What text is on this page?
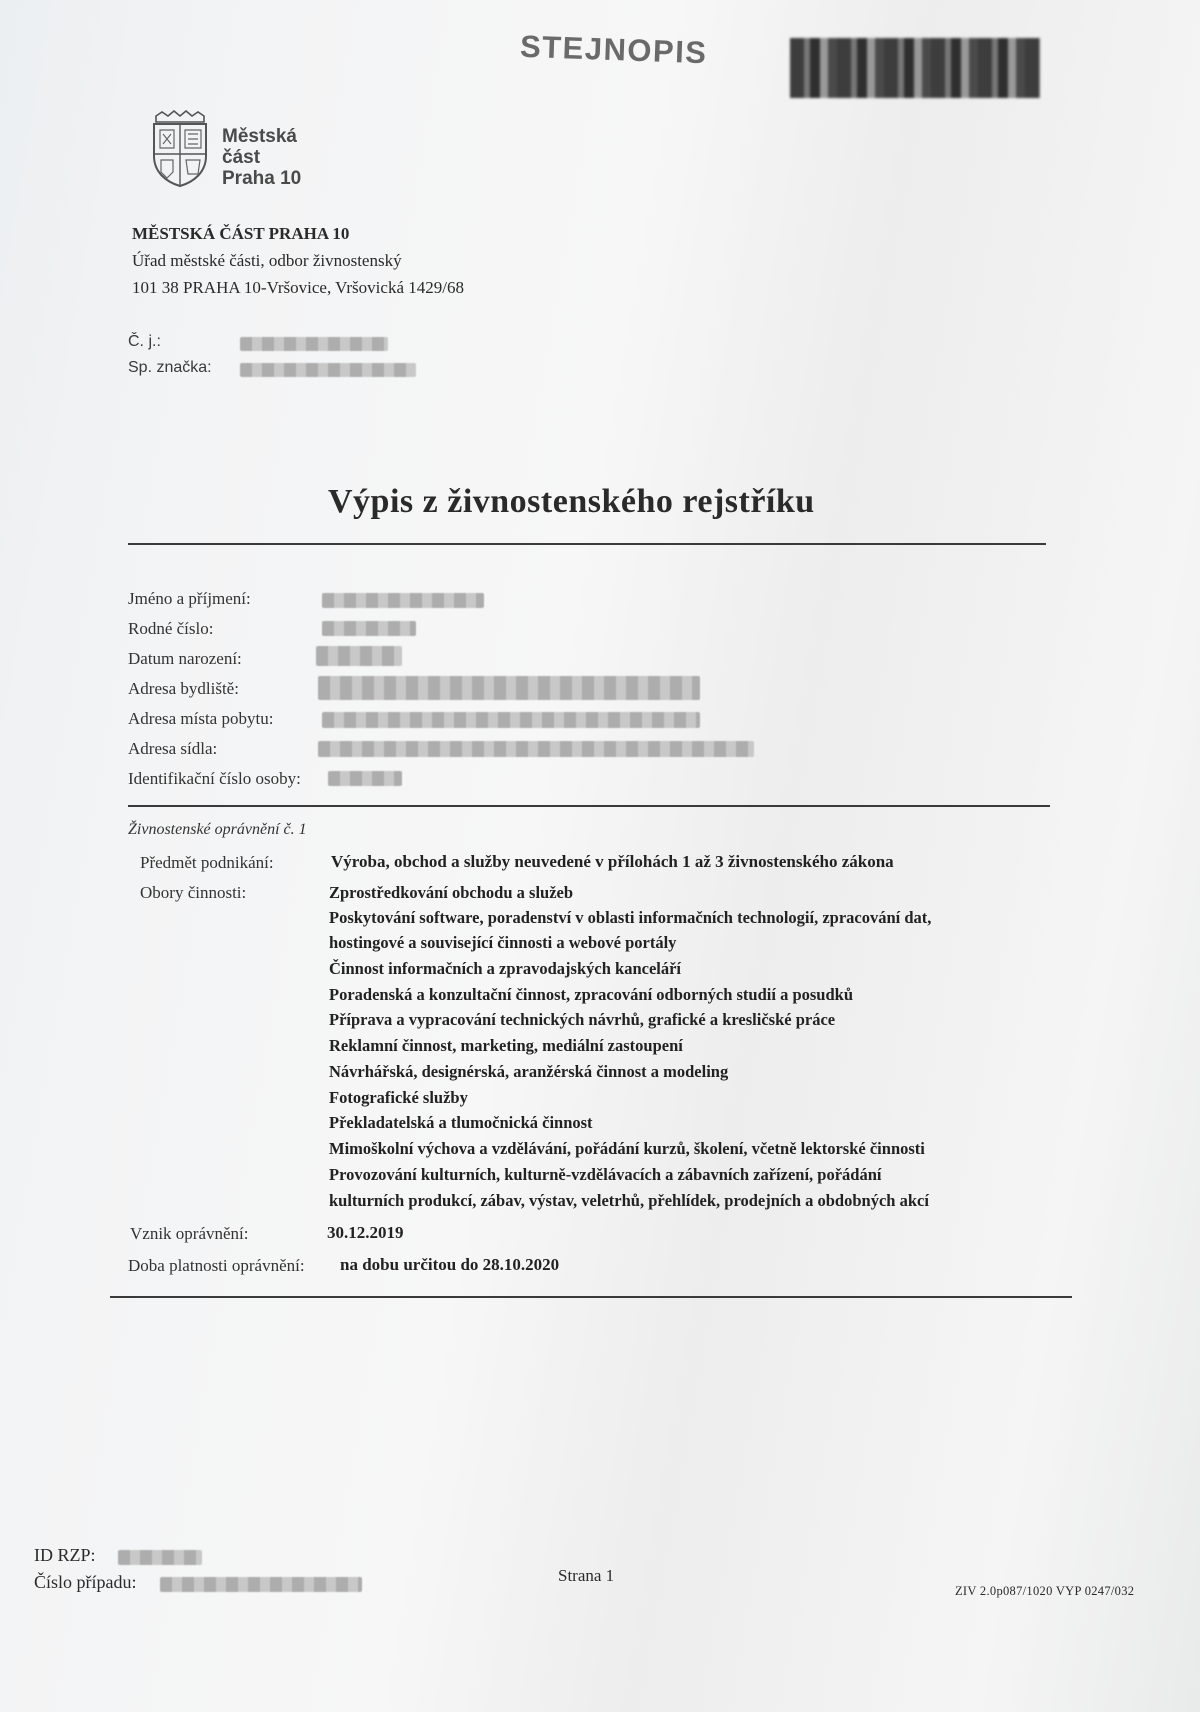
STEJNOPIS
Městská
část
Praha 10
MĚSTSKÁ ČÁST PRAHA 10
Úřad městské části, odbor živnostenský
101 38 PRAHA 10-Vršovice, Vršovická 1429/68
Č. j.:
Sp. značka:
Výpis z živnostenského rejstříku
Jméno a příjmení:
Rodné číslo:
Datum narození:
Adresa bydliště:
Adresa místa pobytu:
Adresa sídla:
Identifikační číslo osoby:
Živnostenské oprávnění č. 1
Předmět podnikání:	Výroba, obchod a služby neuvedené v přílohách 1 až 3 živnostenského zákona
Obory činnosti:	Zprostředkování obchodu a služeb
Poskytování software, poradenství v oblasti informačních technologií, zpracování dat,
hostingové a související činnosti a webové portály
Činnost informačních a zpravodajských kanceláří
Poradenská a konzultační činnost, zpracování odborných studií a posudků
Příprava a vypracování technických návrhů, grafické a kresličské práce
Reklamní činnost, marketing, mediální zastoupení
Návrhářská, designérská, aranžérská činnost a modeling
Fotografické služby
Překladatelská a tlumočnická činnost
Mimoškolní výchova a vzdělávání, pořádání kurzů, školení, včetně lektorské činnosti
Provozování kulturních, kulturně-vzdělávacích a zábavních zařízení, pořádání
kulturních produkcí, zábav, výstav, veletrhů, přehlídek, prodejních a obdobných akcí
Vznik oprávnění:	30.12.2019
Doba platnosti oprávnění: na dobu určitou do 28.10.2020
ID RZP:
Číslo případu:	Strana 1
ZIV 2.0p087/1020 VYP 0247/032
